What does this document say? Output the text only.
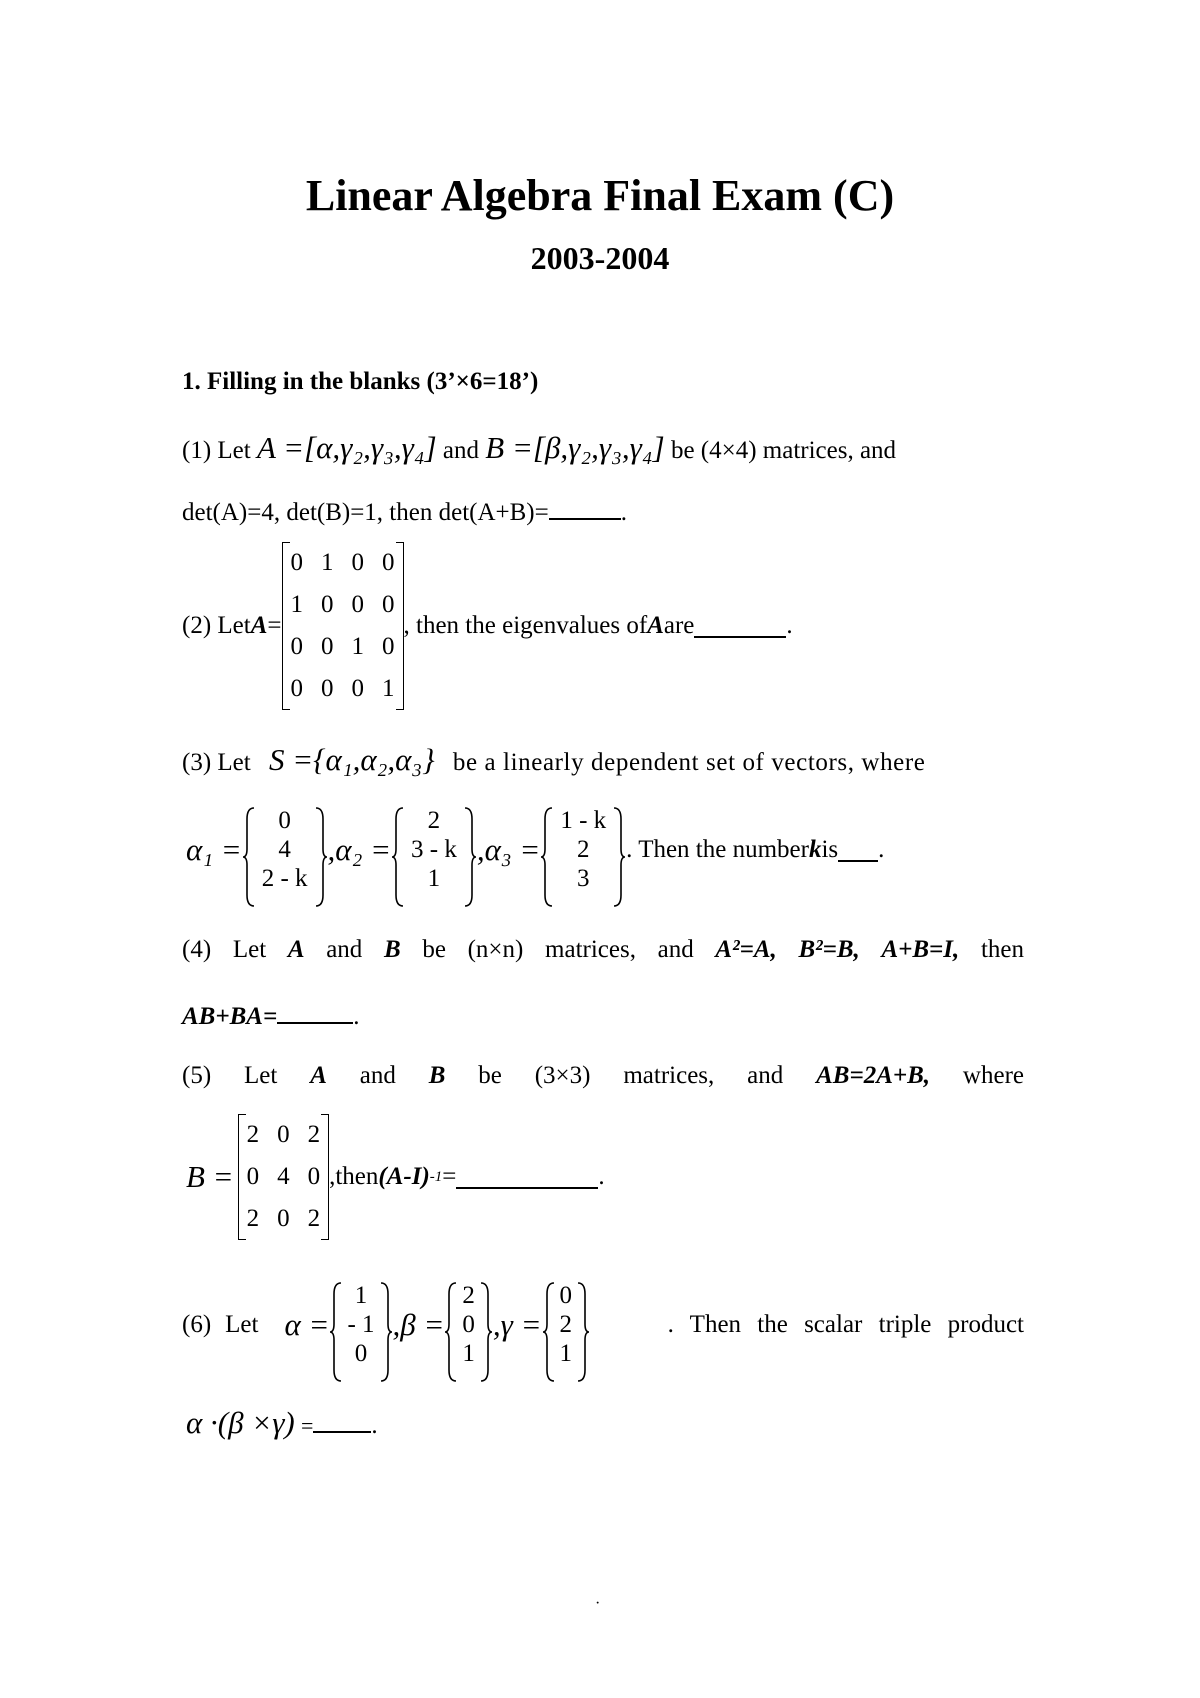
Linear Algebra Final Exam (C)
2003-2004
1. Filling in the blanks (3’×6=18’)
(1) Let A =[α,γ₂,γ₃,γ₄] and B =[β,γ₂,γ₃,γ₄] be (4×4) matrices, and
det(A)=4, det(B)=1, then det(A+B)=	.
(2) Let A =
0	1	0	0
1	0	0	0
0	0	1	0
0	0	0	1
, then the eigenvalues of A are	.
(3) Let S ={α₁,α₂,α₃} be a linearly dependent set of vectors, where
α₁ =
0
4
2 - k
,α₂ =
2
3 - k
1
,α₃ =
1 - k
2
3
. Then the number k is .
(4) Let A and B be (n×n) matrices, and A²=A, B²=B, A+B=I, then
AB+BA=	.
(5) Let A and B be (3×3) matrices, and AB=2A+B, where
B =
2	0	2
0	4	0
2	0	2
,then (A-I) -1 =	.
(6) Let α =
1
- 1
0
,β =
2
0
1
,γ =
0
2
1
. Then the scalar triple product
α ·(β ×γ) = .
·
